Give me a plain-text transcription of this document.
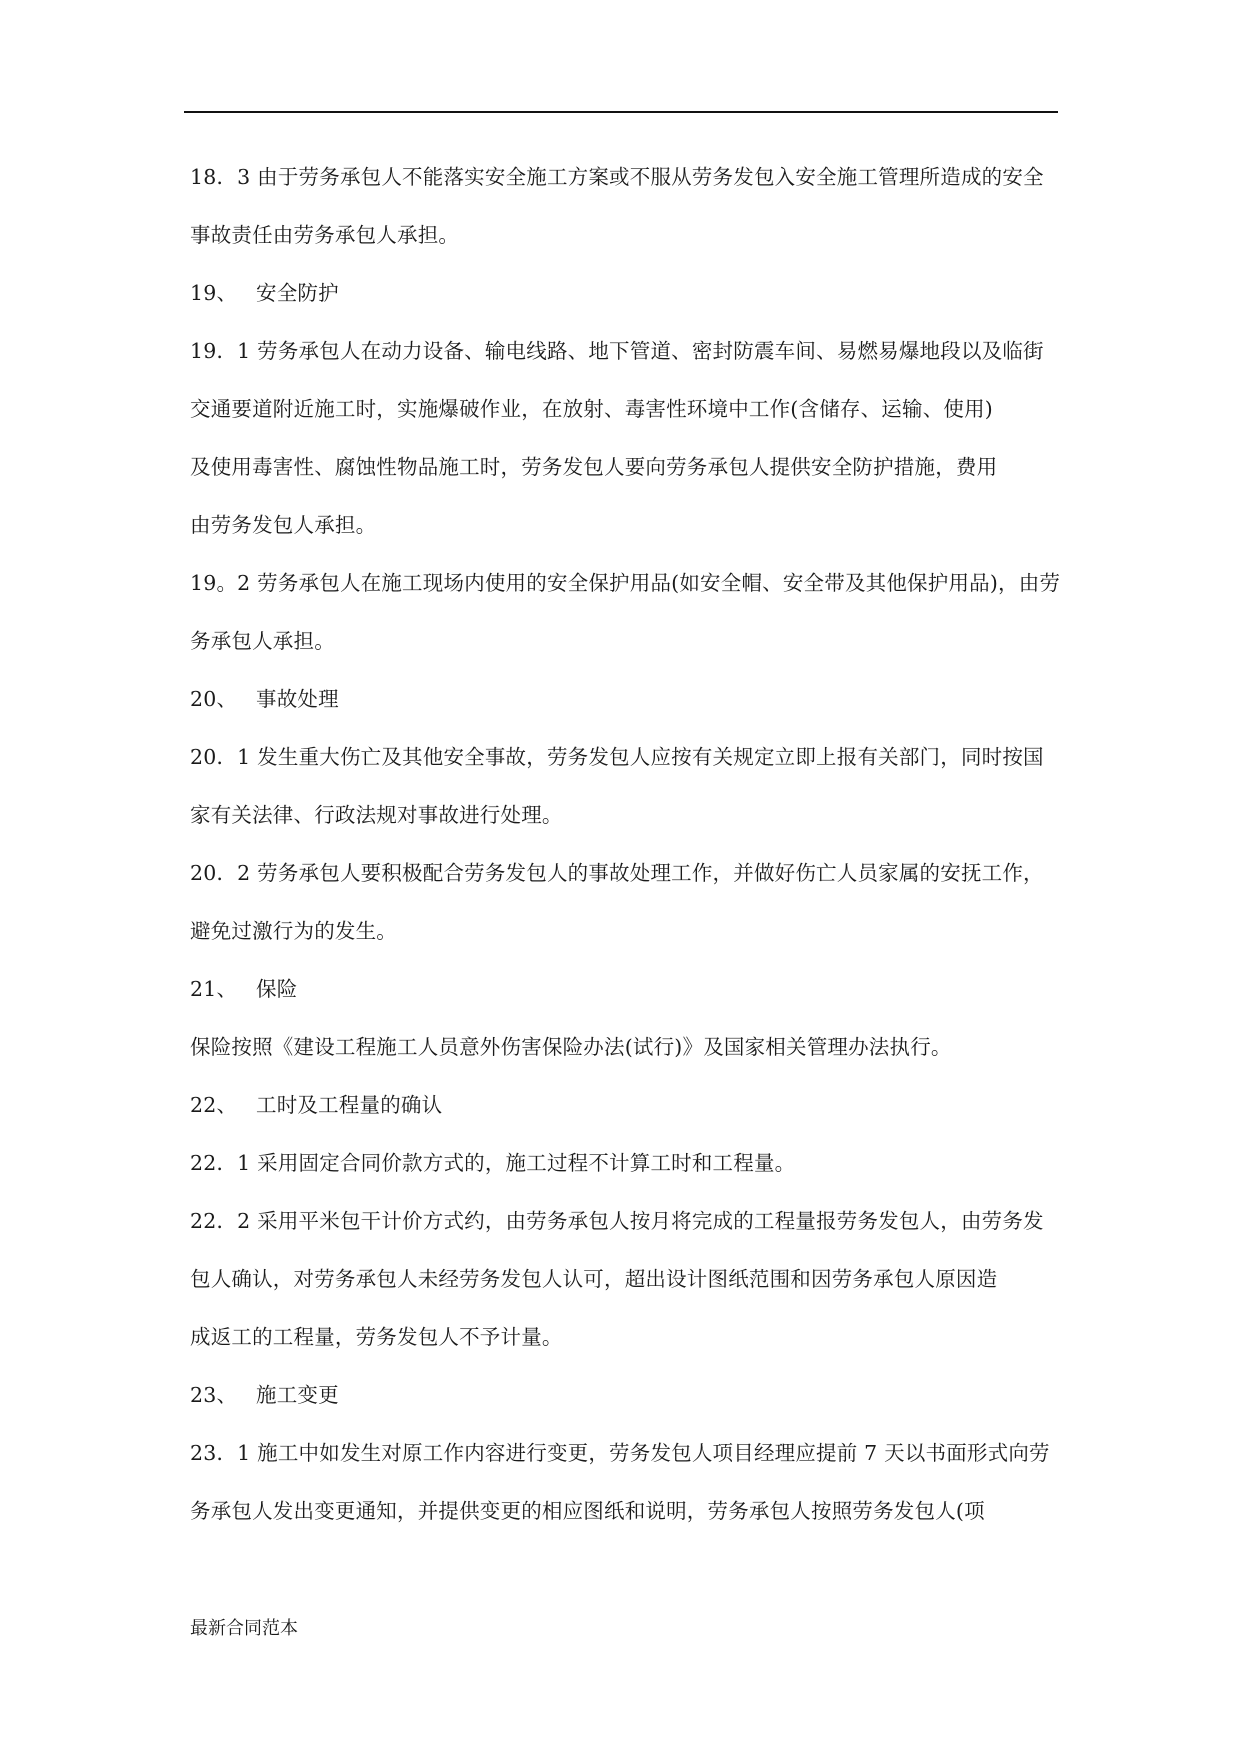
18．3 由于劳务承包人不能落实安全施工方案或不服从劳务发包入安全施工管理所造成的安全
事故责任由劳务承包人承担。
19、 安全防护
19．1 劳务承包人在动力设备、输电线路、地下管道、密封防震车间、易燃易爆地段以及临街
交通要道附近施工时，实施爆破作业，在放射、毒害性环境中工作(含储存、运输、使用)
及使用毒害性、腐蚀性物品施工时，劳务发包人要向劳务承包人提供安全防护措施，费用
由劳务发包人承担。
19。2 劳务承包人在施工现场内使用的安全保护用品(如安全帽、安全带及其他保护用品)，由劳
务承包人承担。
20、 事故处理
20．1 发生重大伤亡及其他安全事故，劳务发包人应按有关规定立即上报有关部门，同时按国
家有关法律、行政法规对事故进行处理。
20．2 劳务承包人要积极配合劳务发包人的事故处理工作，并做好伤亡人员家属的安抚工作，
避免过激行为的发生。
21、 保险
保险按照《建设工程施工人员意外伤害保险办法(试行)》及国家相关管理办法执行。
22、 工时及工程量的确认
22．1 采用固定合同价款方式的，施工过程不计算工时和工程量。
22．2 采用平米包干计价方式约，由劳务承包人按月将完成的工程量报劳务发包人，由劳务发
包人确认，对劳务承包人未经劳务发包人认可，超出设计图纸范围和因劳务承包人原因造
成返工的工程量，劳务发包人不予计量。
23、 施工变更
23．1 施工中如发生对原工作内容进行变更，劳务发包人项目经理应提前 7 天以书面形式向劳
务承包人发出变更通知，并提供变更的相应图纸和说明，劳务承包人按照劳务发包人(项
最新合同范本
